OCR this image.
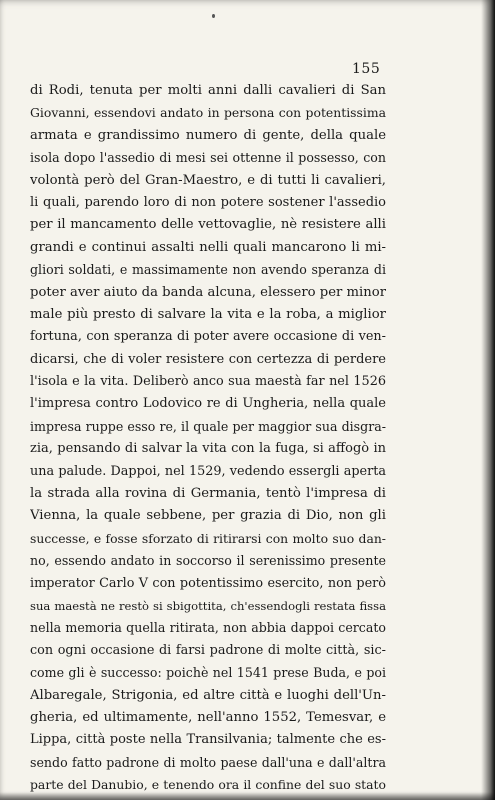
155
di Rodi, tenuta per molti anni dalli cavalieri di San
Giovanni, essendovi andato in persona con potentissima
armata e grandissimo numero di gente, della quale
isola dopo l'assedio di mesi sei ottenne il possesso, con
volontà però del Gran-Maestro, e di tutti li cavalieri,
li quali, parendo loro di non potere sostener l'assedio
per il mancamento delle vettovaglie, nè resistere alli
grandi e continui assalti nelli quali mancarono li mi-
gliori soldati, e massimamente non avendo speranza di
poter aver aiuto da banda alcuna, elessero per minor
male più presto di salvare la vita e la roba, a miglior
fortuna, con speranza di poter avere occasione di ven-
dicarsi, che di voler resistere con certezza di perdere
l'isola e la vita. Deliberò anco sua maestà far nel 1526
l'impresa contro Lodovico re di Ungheria, nella quale
impresa ruppe esso re, il quale per maggior sua disgra-
zia, pensando di salvar la vita con la fuga, si affogò in
una palude. Dappoi, nel 1529, vedendo essergli aperta
la strada alla rovina di Germania, tentò l'impresa di
Vienna, la quale sebbene, per grazia di Dio, non gli
successe, e fosse sforzato di ritirarsi con molto suo dan-
no, essendo andato in soccorso il serenissimo presente
imperator Carlo V con potentissimo esercito, non però
sua maestà ne restò si sbigottita, ch'essendogli restata fissa
nella memoria quella ritirata, non abbia dappoi cercato
con ogni occasione di farsi padrone di molte città, sic-
come gli è successo: poichè nel 1541 prese Buda, e poi
Albaregale, Strigonia, ed altre città e luoghi dell'Un-
gheria, ed ultimamente, nell'anno 1552, Temesvar, e
Lippa, città poste nella Transilvania; talmente che es-
sendo fatto padrone di molto paese dall'una e dall'altra
parte del Danubio, e tenendo ora il confine del suo stato
